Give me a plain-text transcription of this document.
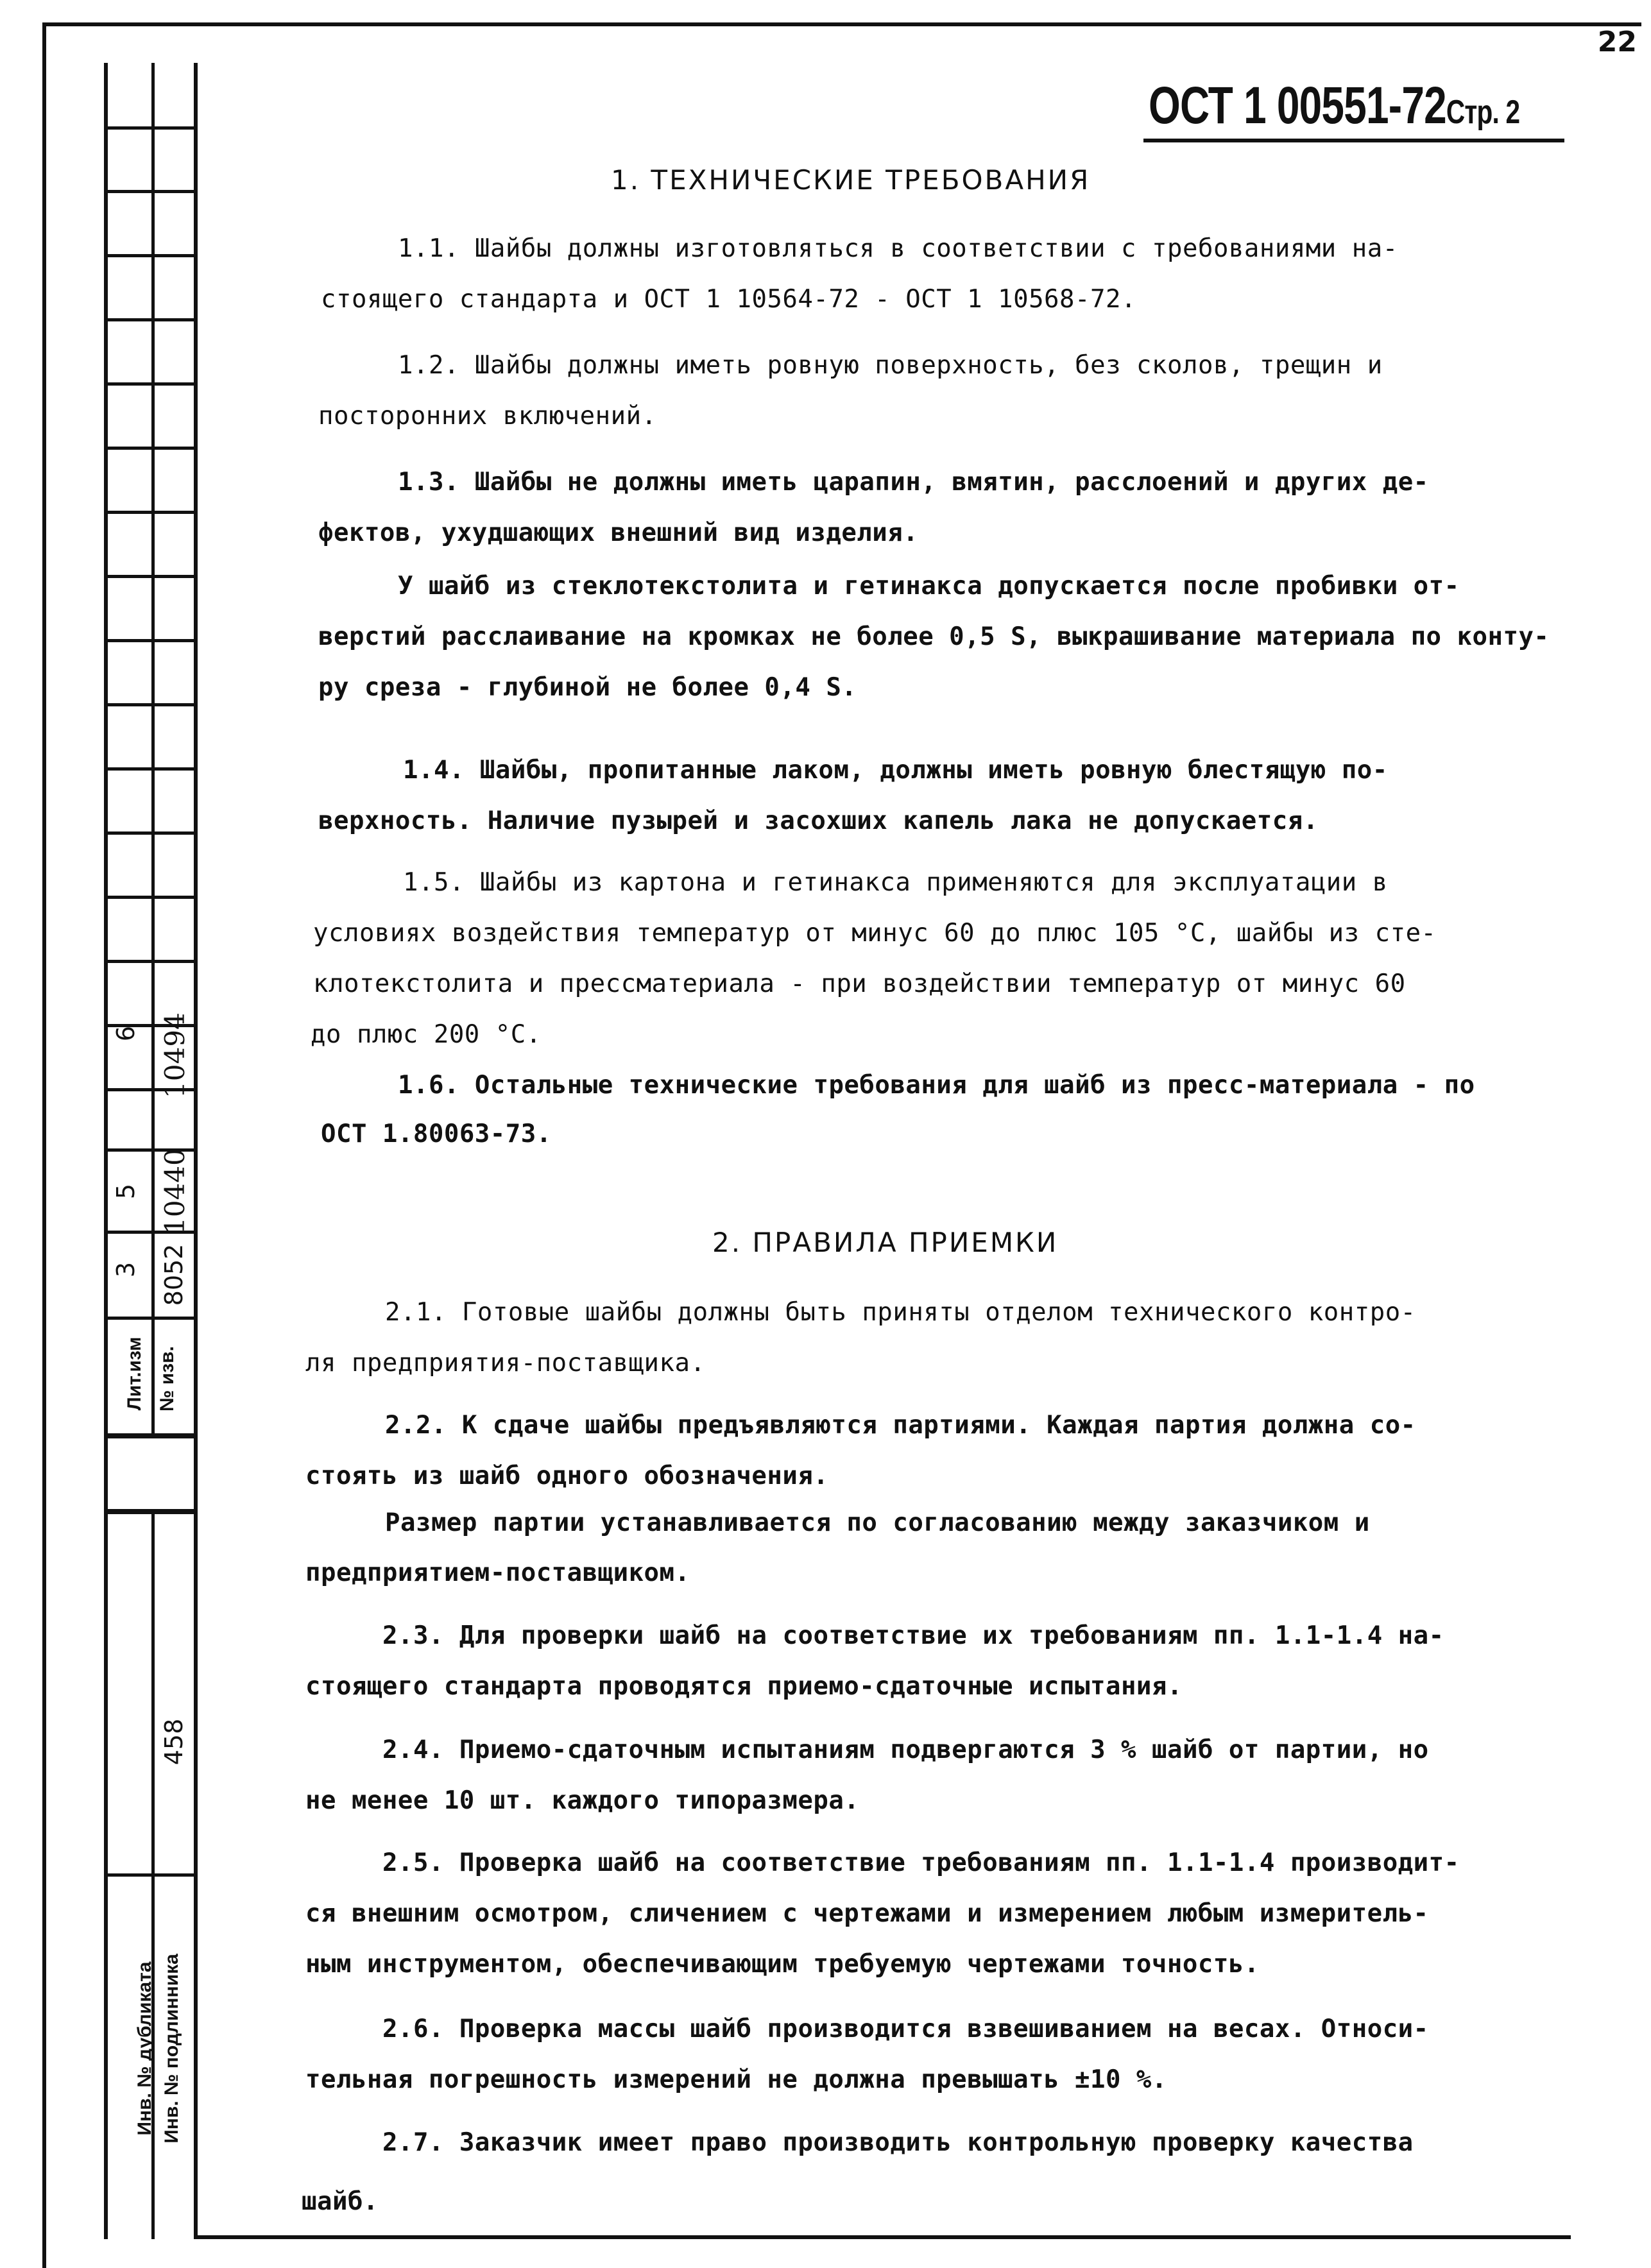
22
3 8052
5 10440
6 10494
Лит.изм № изв.
458
Инв. № дубликата Инв. № подлинника
ОСТ 1 00551-72Стр. 2
1. ТЕХНИЧЕСКИЕ ТРЕБОВАНИЯ
1.1. Шайбы должны изготовляться в соответствии с требованиями на-
стоящего стандарта и ОСТ 1 10564-72 - ОСТ 1 10568-72.
1.2. Шайбы должны иметь ровную поверхность, без сколов, трещин и
посторонних включений.
1.3. Шайбы не должны иметь царапин, вмятин, расслоений и других де-
фектов, ухудшающих внешний вид изделия.
У шайб из стеклотекстолита и гетинакса допускается после пробивки от-
верстий расслаивание на кромках не более 0,5 S, выкрашивание материала по конту-
ру среза - глубиной не более 0,4 S.
1.4. Шайбы, пропитанные лаком, должны иметь ровную блестящую по-
верхность. Наличие пузырей и засохших капель лака не допускается.
1.5. Шайбы из картона и гетинакса применяются для эксплуатации в
условиях воздействия температур от минус 60 до плюс 105 °С, шайбы из сте-
клотекстолита и прессматериала - при воздействии температур от минус 60
до плюс 200 °С.
1.6. Остальные технические требования для шайб из пресс-материала - по
ОСТ 1.80063-73.
2. ПРАВИЛА ПРИЕМКИ
2.1. Готовые шайбы должны быть приняты отделом технического контро-
ля предприятия-поставщика.
2.2. К сдаче шайбы предъявляются партиями. Каждая партия должна со-
стоять из шайб одного обозначения.
Размер партии устанавливается по согласованию между заказчиком и
предприятием-поставщиком.
2.3. Для проверки шайб на соответствие их требованиям пп. 1.1-1.4 на-
стоящего стандарта проводятся приемо-сдаточные испытания.
2.4. Приемо-сдаточным испытаниям подвергаются 3 % шайб от партии, но
не менее 10 шт. каждого типоразмера.
2.5. Проверка шайб на соответствие требованиям пп. 1.1-1.4 производит-
ся внешним осмотром, сличением с чертежами и измерением любым измеритель-
ным инструментом, обеспечивающим требуемую чертежами точность.
2.6. Проверка массы шайб производится взвешиванием на весах. Относи-
тельная погрешность измерений не должна превышать ±10 %.
2.7. Заказчик имеет право производить контрольную проверку качества
шайб.
